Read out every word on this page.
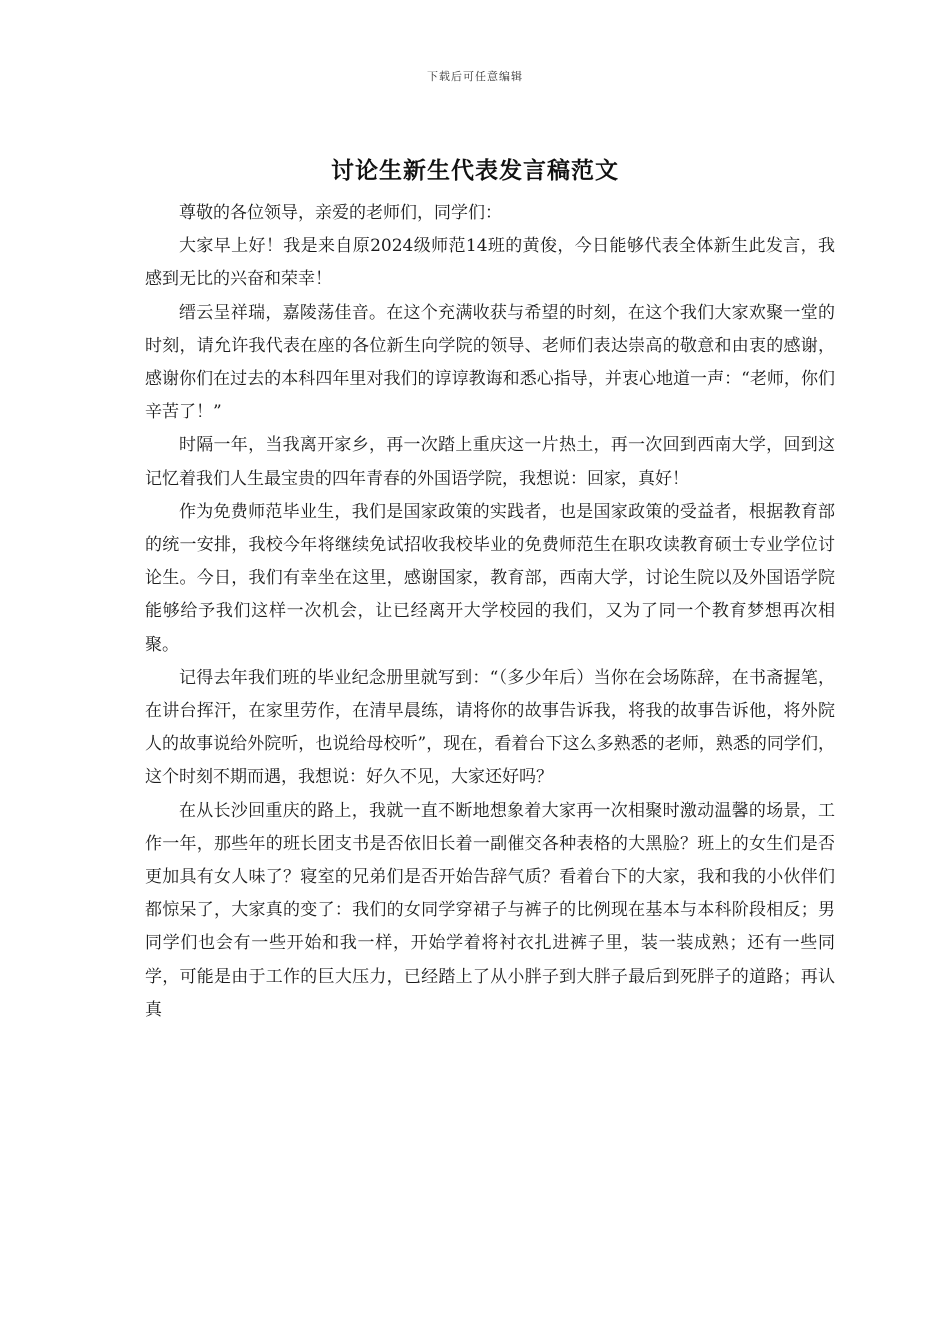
下载后可任意编辑
讨论生新生代表发言稿范文

尊敬的各位领导，亲爱的老师们，同学们：

大家早上好！我是来自原2024级师范14班的黄俊，今日能够代表全体新生此发言，我感到无比的兴奋和荣幸！

缙云呈祥瑞，嘉陵荡佳音。在这个充满收获与希望的时刻，在这个我们大家欢聚一堂的时刻，请允许我代表在座的各位新生向学院的领导、老师们表达崇高的敬意和由衷的感谢，感谢你们在过去的本科四年里对我们的谆谆教诲和悉心指导，并衷心地道一声：“老师，你们辛苦了！”

时隔一年，当我离开家乡，再一次踏上重庆这一片热土，再一次回到西南大学，回到这记忆着我们人生最宝贵的四年青春的外国语学院，我想说：回家，真好！

作为免费师范毕业生，我们是国家政策的实践者，也是国家政策的受益者，根据教育部的统一安排，我校今年将继续免试招收我校毕业的免费师范生在职攻读教育硕士专业学位讨论生。今日，我们有幸坐在这里，感谢国家，教育部，西南大学，讨论生院以及外国语学院能够给予我们这样一次机会，让已经离开大学校园的我们，又为了同一个教育梦想再次相聚。

记得去年我们班的毕业纪念册里就写到：“（多少年后）当你在会场陈辞，在书斋握笔，在讲台挥汗，在家里劳作，在清早晨练，请将你的故事告诉我，将我的故事告诉他，将外院人的故事说给外院听，也说给母校听”，现在，看着台下这么多熟悉的老师，熟悉的同学们，这个时刻不期而遇，我想说：好久不见，大家还好吗？

在从长沙回重庆的路上，我就一直不断地想象着大家再一次相聚时激动温馨的场景，工作一年，那些年的班长团支书是否依旧长着一副催交各种表格的大黑脸？班上的女生们是否更加具有女人味了？寝室的兄弟们是否开始告辞气质？看着台下的大家，我和我的小伙伴们都惊呆了，大家真的变了：我们的女同学穿裙子与裤子的比例现在基本与本科阶段相反；男同学们也会有一些开始和我一样，开始学着将衬衣扎进裤子里，装一装成熟；还有一些同学，可能是由于工作的巨大压力，已经踏上了从小胖子到大胖子最后到死胖子的道路；再认真
